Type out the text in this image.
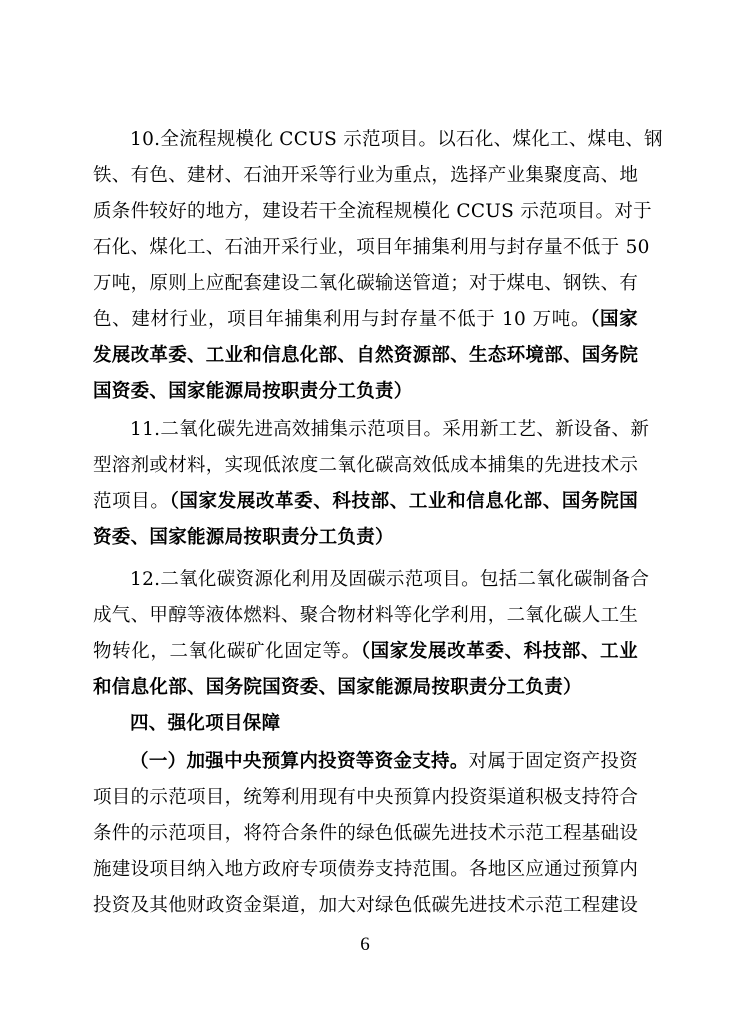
10.全流程规模化 CCUS 示范项目。以石化、煤化工、煤电、钢
铁、有色、建材、石油开采等行业为重点，选择产业集聚度高、地
质条件较好的地方，建设若干全流程规模化 CCUS 示范项目。对于
石化、煤化工、石油开采行业，项目年捕集利用与封存量不低于 50
万吨，原则上应配套建设二氧化碳输送管道；对于煤电、钢铁、有
色、建材行业，项目年捕集利用与封存量不低于 10 万吨。（国家
发展改革委、工业和信息化部、自然资源部、生态环境部、国务院
国资委、国家能源局按职责分工负责）
11.二氧化碳先进高效捕集示范项目。采用新工艺、新设备、新
型溶剂或材料，实现低浓度二氧化碳高效低成本捕集的先进技术示
范项目。（国家发展改革委、科技部、工业和信息化部、国务院国
资委、国家能源局按职责分工负责）
12.二氧化碳资源化利用及固碳示范项目。包括二氧化碳制备合
成气、甲醇等液体燃料、聚合物材料等化学利用，二氧化碳人工生
物转化，二氧化碳矿化固定等。（国家发展改革委、科技部、工业
和信息化部、国务院国资委、国家能源局按职责分工负责）
四、强化项目保障
（一）加强中央预算内投资等资金支持。对属于固定资产投资
项目的示范项目，统筹利用现有中央预算内投资渠道积极支持符合
条件的示范项目，将符合条件的绿色低碳先进技术示范工程基础设
施建设项目纳入地方政府专项债券支持范围。各地区应通过预算内
投资及其他财政资金渠道，加大对绿色低碳先进技术示范工程建设
6
